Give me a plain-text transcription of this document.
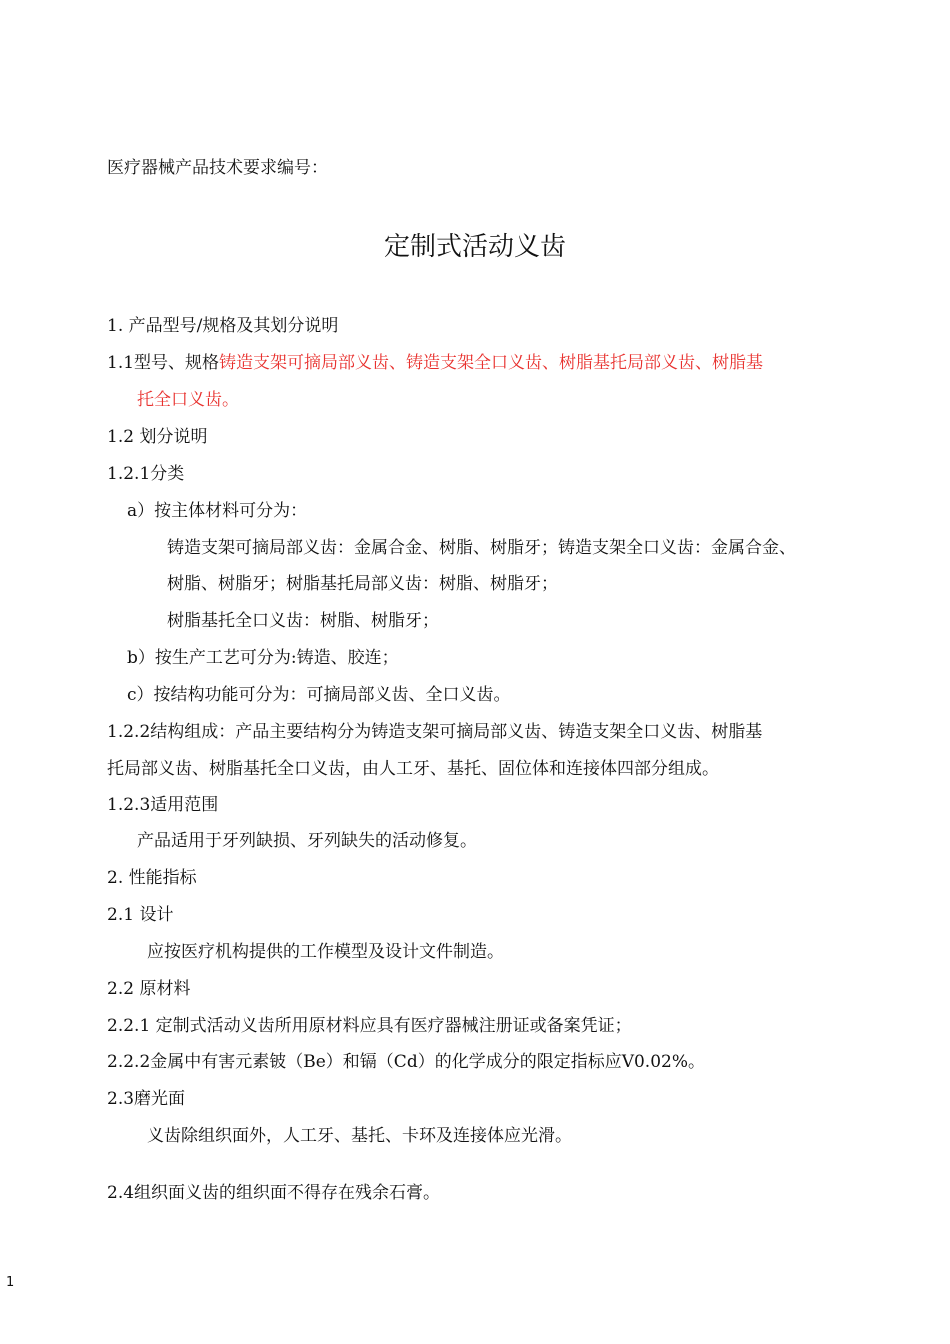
医疗器械产品技术要求编号：
定制式活动义齿
1. 产品型号/规格及其划分说明
1.1型号、规格铸造支架可摘局部义齿、铸造支架全口义齿、树脂基托局部义齿、树脂基
托全口义齿。
1.2 划分说明
1.2.1分类
a）按主体材料可分为：
铸造支架可摘局部义齿：金属合金、树脂、树脂牙；铸造支架全口义齿：金属合金、
树脂、树脂牙；树脂基托局部义齿：树脂、树脂牙；
树脂基托全口义齿：树脂、树脂牙；
b）按生产工艺可分为:铸造、胶连；
c）按结构功能可分为：可摘局部义齿、全口义齿。
1.2.2结构组成：产品主要结构分为铸造支架可摘局部义齿、铸造支架全口义齿、树脂基
托局部义齿、树脂基托全口义齿，由人工牙、基托、固位体和连接体四部分组成。
1.2.3适用范围
产品适用于牙列缺损、牙列缺失的活动修复。
2. 性能指标
2.1 设计
应按医疗机构提供的工作模型及设计文件制造。
2.2 原材料
2.2.1 定制式活动义齿所用原材料应具有医疗器械注册证或备案凭证；
2.2.2金属中有害元素铍（Be）和镉（Cd）的化学成分的限定指标应V0.02%。
2.3磨光面
义齿除组织面外，人工牙、基托、卡环及连接体应光滑。
2.4组织面义齿的组织面不得存在残余石膏。
1
